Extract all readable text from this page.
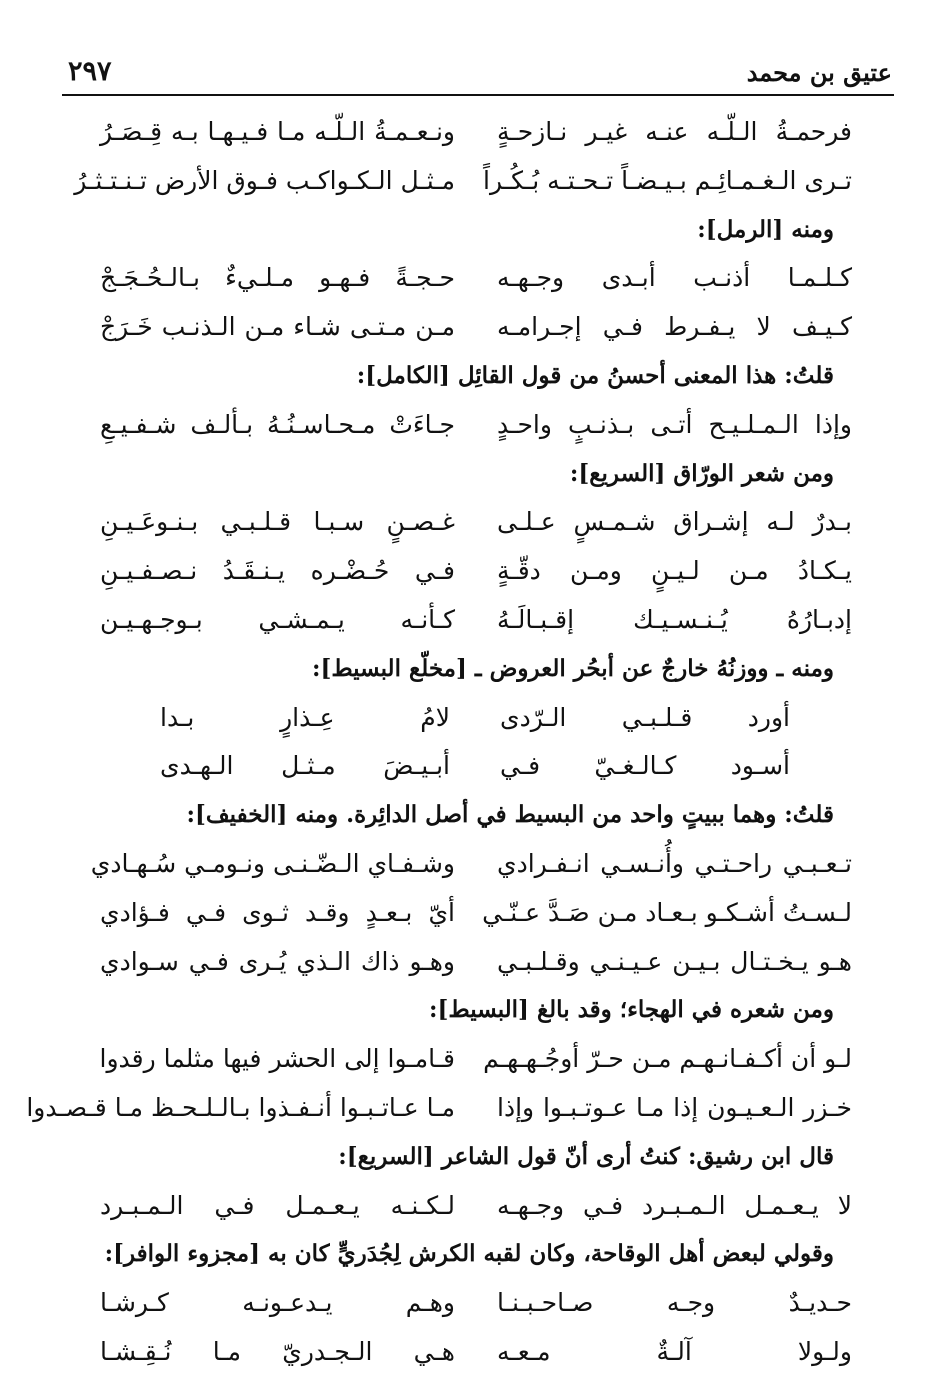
٢٩٧	عتيق بن محمد
فرحمـةُ الـلّـه عنـه غيـر نـازحـةٍ
ونـعـمـةُ الـلّـه مـا فـيـهـا بـه قِـصَـرُ
تـرى الـغـمـائِـم بـيـضـاً تـحـتـه بُـكُـراً
مـثـل الـكـواكـب فـوق الأرض تـنـتـثـرُ
ومنه [الرمل]:
كـلـمـا أذنـب أبـدى وجـهـه
حـجـةً فـهـو مـلـيءٌ بـالـحُـجَـجْ
كـيـف لا يـفـرط فـي إجـرامـه
مـن مـتـى شـاء مـن الـذنـب خَـرَجْ
قلتُ: هذا المعنى أحسنُ من قول القائِل [الكامل]:
وإذا الـمـلـيـح أتـى بـذنـبٍ واحـدٍ
جـاءَتْ مـحـاسـنُـهُ بـألـف شـفـيـعِ
ومن شعر الورّاق [السريع]:
بـدرٌ لـه إشـراق شـمـسٍ عـلـى
غـصـنٍ سـبـا قـلـبـي بـنـوعَـيـنِ
يـكـادُ مـن لـيـنٍ ومـن دقّـةٍ
فـي حُـضْـره يـنـقَـدُ نـصـفـيـنِ
إدبـارُهُ يُـنـسـيـك إقـبـالَـهُ
كـأنـه يـمـشـي بـوجـهـيـن
ومنه ـ ووزنُهُ خارجٌ عن أبحُر العروض ـ [مخلّع البسيط]:
أورد قـلـبـي الـرّدى
لامُ عِـذارٍ بـدا
أسـود كـالـغـيّ فـي
أبـيـضَ مـثـل الـهـدى
قلتُ: وهما ببيتٍ واحد من البسيط في أصل الدائِرة. ومنه [الخفيف]:
تـعـبـي راحـتـي وأُنـسـي انـفـرادي
وشـفـاي الـضّـنـى ونـومـي سُـهـادي
لـسـتُ أشـكـو بـعـاد مـن صَـدَّ عـنّـي
أيّ بـعـدٍ وقـد ثـوى فـي فـؤادي
هـو يـخـتـال بـيـن عـيـنـي وقـلـبـي
وهـو ذاك الـذي يُـرى فـي سـوادي
ومن شعره في الهجاء؛ وقد بالغ [البسيط]:
لـو أن أكـفـانـهـم مـن حـرّ أوجُـهـهـم
قـامـوا إلى الحشر فيها مثلما رقدوا
خـزر الـعـيـون إذا مـا عـوتـبـوا وإذا
مـا عـاتـبـوا أنـفـذوا بـالـلـحـظ مـا قـصـدوا
قال ابن رشيق: كنتُ أرى أنّ قول الشاعر [السريع]:
لا يـعـمـل الـمـبـرد فـي وجـهـه
لـكـنـه يـعـمـل فـي الـمـبـرد
وقولي لبعض أهل الوقاحة، وكان لقبه الكرش لِجُدَريٍّ كان به [مجزوء الوافر]:
حـديـدٌ وجـه صـاحـبـنـا
وهـم يـدعـونـه كـرشـا
ولـولا آلـةٌ مـعـه
هـي الـجـدريّ مـا نُـقِـشـا
